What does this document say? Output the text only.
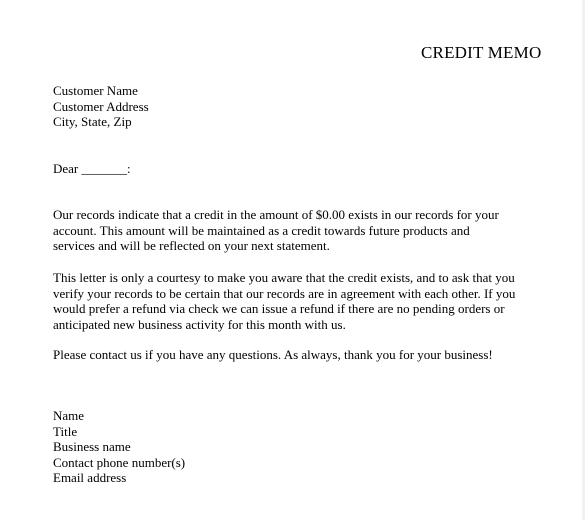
CREDIT MEMO
Customer Name
Customer Address
City, State, Zip
Dear _______:
Our records indicate that a credit in the amount of $0.00 exists in our records for your
account. This amount will be maintained as a credit towards future products and
services and will be reflected on your next statement.
This letter is only a courtesy to make you aware that the credit exists, and to ask that you
verify your records to be certain that our records are in agreement with each other. If you
would prefer a refund via check we can issue a refund if there are no pending orders or
anticipated new business activity for this month with us.
Please contact us if you have any questions. As always, thank you for your business!
Name
Title
Business name
Contact phone number(s)
Email address
